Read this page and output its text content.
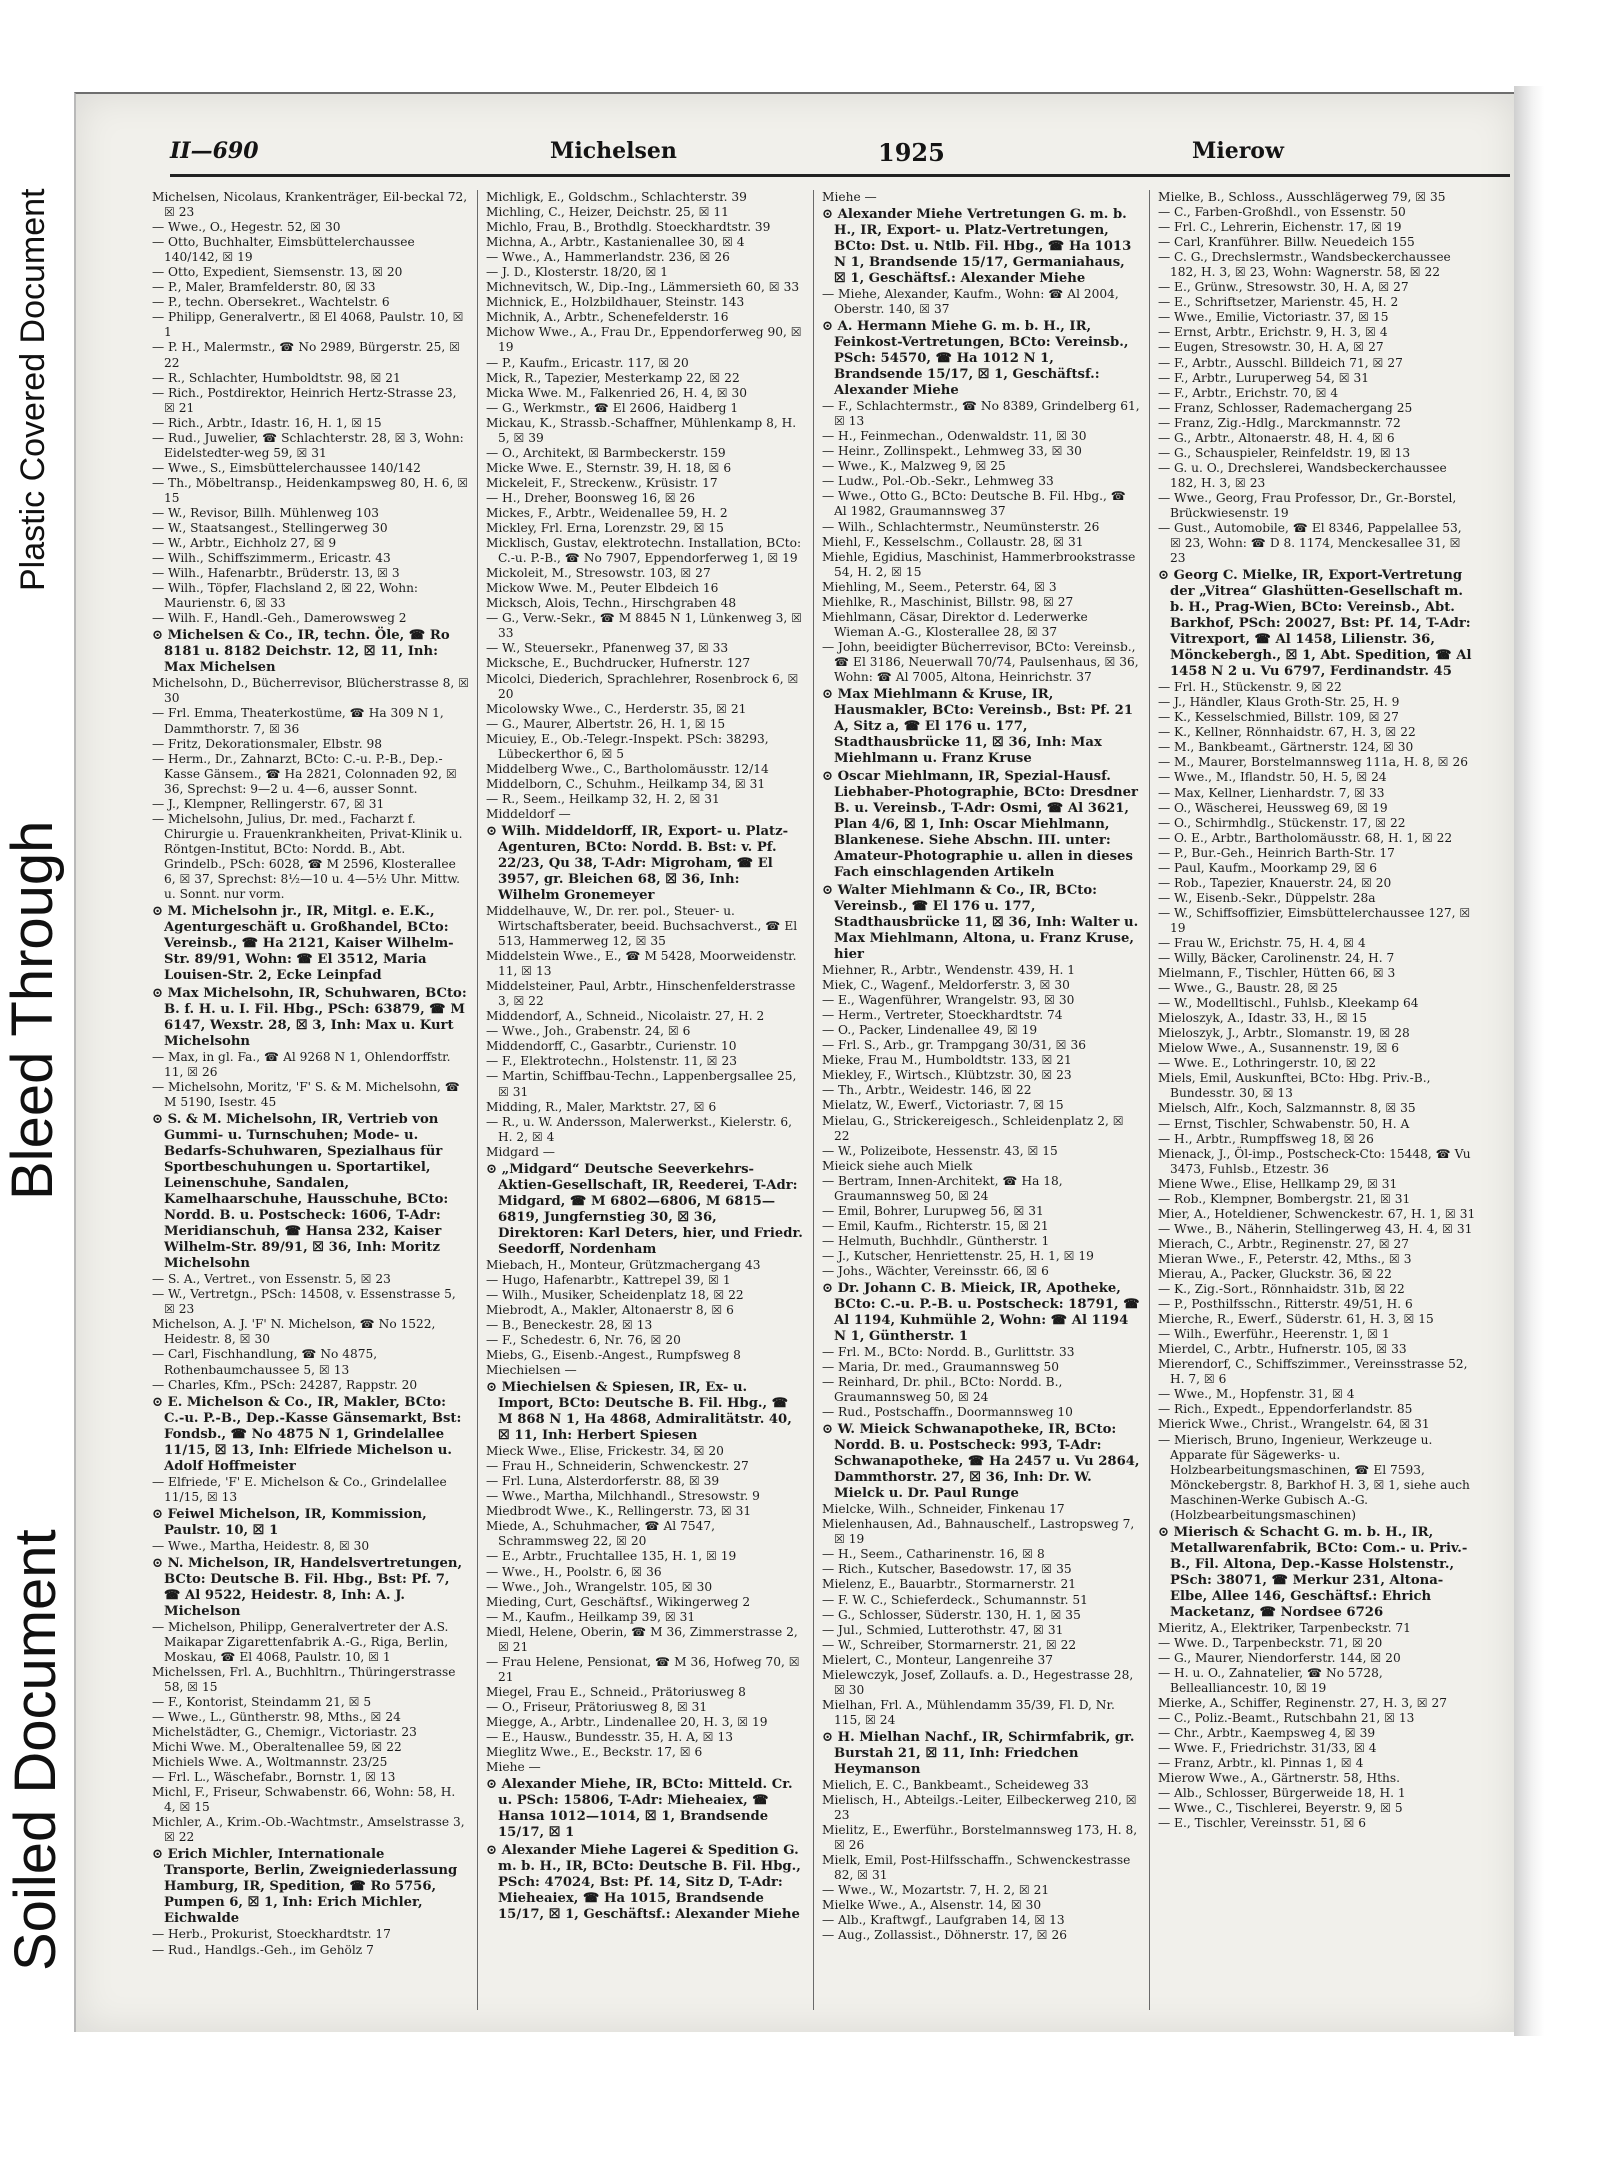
Plastic Covered Document
Bleed Through
Soiled Document
II—690	Michelsen	1925	Mierow

Michelsen, Nicolaus, Krankenträger, Eil-beckal 72, ☒ 23

— Wwe., O., Hegestr. 52, ☒ 30

— Otto, Buchhalter, Eimsbüttelerchaussee 140/142, ☒ 19

— Otto, Expedient, Siemsenstr. 13, ☒ 20

— P., Maler, Bramfelderstr. 80, ☒ 33

— P., techn. Obersekret., Wachtelstr. 6

— Philipp, Generalvertr., ☒ El 4068, Paulstr. 10, ☒ 1

— P. H., Malermstr., ☎ No 2989, Bürgerstr. 25, ☒ 22

— R., Schlachter, Humboldtstr. 98, ☒ 21

— Rich., Postdirektor, Heinrich Hertz-Strasse 23, ☒ 21

— Rich., Arbtr., Idastr. 16, H. 1, ☒ 15

— Rud., Juwelier, ☎ Schlachterstr. 28, ☒ 3, Wohn: Eidelstedter-weg 59, ☒ 31

— Wwe., S., Eimsbüttelerchaussee 140/142

— Th., Möbeltransp., Heidenkampsweg 80, H. 6, ☒ 15

— W., Revisor, Billh. Mühlenweg 103

— W., Staatsangest., Stellingerweg 30

— W., Arbtr., Eichholz 27, ☒ 9

— Wilh., Schiffszimmerm., Ericastr. 43

— Wilh., Hafenarbtr., Brüderstr. 13, ☒ 3

— Wilh., Töpfer, Flachsland 2, ☒ 22, Wohn: Maurienstr. 6, ☒ 33

— Wilh. F., Handl.-Geh., Damerowsweg 2

⊙ Michelsen & Co., IR, techn. Öle, ☎ Ro 8181 u. 8182 Deichstr. 12, ☒ 11, Inh: Max Michelsen

Michelsohn, D., Bücherrevisor, Blücherstrasse 8, ☒ 30

— Frl. Emma, Theaterkostüme, ☎ Ha 309 N 1, Dammthorstr. 7, ☒ 36

— Fritz, Dekorationsmaler, Elbstr. 98

— Herm., Dr., Zahnarzt, BCto: C.-u. P.-B., Dep.-Kasse Gänsem., ☎ Ha 2821, Colonnaden 92, ☒ 36, Sprechst: 9—2 u. 4—6, ausser Sonnt.

— J., Klempner, Rellingerstr. 67, ☒ 31

— Michelsohn, Julius, Dr. med., Facharzt f. Chirurgie u. Frauenkrankheiten, Privat-Klinik u. Röntgen-Institut, BCto: Nordd. B., Abt. Grindelb., PSch: 6028, ☎ M 2596, Klosterallee 6, ☒ 37, Sprechst: 8½—10 u. 4—5½ Uhr. Mittw. u. Sonnt. nur vorm.

⊙ M. Michelsohn jr., IR, Mitgl. e. E.K., Agenturgeschäft u. Großhandel, BCto: Vereinsb., ☎ Ha 2121, Kaiser Wilhelm-Str. 89/91, Wohn: ☎ El 3512, Maria Louisen-Str. 2, Ecke Leinpfad

⊙ Max Michelsohn, IR, Schuhwaren, BCto: B. f. H. u. I. Fil. Hbg., PSch: 63879, ☎ M 6147, Wexstr. 28, ☒ 3, Inh: Max u. Kurt Michelsohn

— Max, in gl. Fa., ☎ Al 9268 N 1, Ohlendorffstr. 11, ☒ 26

— Michelsohn, Moritz, 'F' S. & M. Michelsohn, ☎ M 5190, Isestr. 45

⊙ S. & M. Michelsohn, IR, Vertrieb von Gummi- u. Turnschuhen; Mode- u. Bedarfs-Schuhwaren, Spezialhaus für Sportbeschuhungen u. Sportartikel, Leinenschuhe, Sandalen, Kamelhaarschuhe, Hausschuhe, BCto: Nordd. B. u. Postscheck: 1606, T-Adr: Meridianschuh, ☎ Hansa 232, Kaiser Wilhelm-Str. 89/91, ☒ 36, Inh: Moritz Michelsohn

— S. A., Vertret., von Essenstr. 5, ☒ 23

— W., Vertretgn., PSch: 14508, v. Essenstrasse 5, ☒ 23

Michelson, A. J. 'F' N. Michelson, ☎ No 1522, Heidestr. 8, ☒ 30

— Carl, Fischhandlung, ☎ No 4875, Rothenbaumchaussee 5, ☒ 13

— Charles, Kfm., PSch: 24287, Rappstr. 20

⊙ E. Michelson & Co., IR, Makler, BCto: C.-u. P.-B., Dep.-Kasse Gänsemarkt, Bst: Fondsb., ☎ No 4875 N 1, Grindelallee 11/15, ☒ 13, Inh: Elfriede Michelson u. Adolf Hoffmeister

— Elfriede, 'F' E. Michelson & Co., Grindelallee 11/15, ☒ 13

⊙ Feiwel Michelson, IR, Kommission, Paulstr. 10, ☒ 1

— Wwe., Martha, Heidestr. 8, ☒ 30

⊙ N. Michelson, IR, Handelsvertretungen, BCto: Deutsche B. Fil. Hbg., Bst: Pf. 7, ☎ Al 9522, Heidestr. 8, Inh: A. J. Michelson

— Michelson, Philipp, Generalvertreter der A.S. Maikapar Zigarettenfabrik A.-G., Riga, Berlin, Moskau, ☎ El 4068, Paulstr. 10, ☒ 1

Michelssen, Frl. A., Buchhltrn., Thüringerstrasse 58, ☒ 15

— F., Kontorist, Steindamm 21, ☒ 5

— Wwe., L., Güntherstr. 98, Mths., ☒ 24

Michelstädter, G., Chemigr., Victoriastr. 23

Michi Wwe. M., Oberaltenallee 59, ☒ 22

Michiels Wwe. A., Woltmannstr. 23/25

— Frl. L., Wäschefabr., Bornstr. 1, ☒ 13

Michl, F., Friseur, Schwabenstr. 66, Wohn: 58, H. 4, ☒ 15

Michler, A., Krim.-Ob.-Wachtmstr., Amselstrasse 3, ☒ 22

⊙ Erich Michler, Internationale Transporte, Berlin, Zweigniederlassung Hamburg, IR, Spedition, ☎ Ro 5756, Pumpen 6, ☒ 1, Inh: Erich Michler, Eichwalde

— Herb., Prokurist, Stoeckhardtstr. 17

— Rud., Handlgs.-Geh., im Gehölz 7

Michligk, E., Goldschm., Schlachterstr. 39

Michling, C., Heizer, Deichstr. 25, ☒ 11

Michlo, Frau, B., Brothdlg. Stoeckhardtstr. 39

Michna, A., Arbtr., Kastanienallee 30, ☒ 4

— Wwe., A., Hammerlandstr. 236, ☒ 26

— J. D., Klosterstr. 18/20, ☒ 1

Michnevitsch, W., Dip.-Ing., Lämmersieth 60, ☒ 33

Michnick, E., Holzbildhauer, Steinstr. 143

Michnik, A., Arbtr., Schenefelderstr. 16

Michow Wwe., A., Frau Dr., Eppendorferweg 90, ☒ 19

— P., Kaufm., Ericastr. 117, ☒ 20

Mick, R., Tapezier, Mesterkamp 22, ☒ 22

Micka Wwe. M., Falkenried 26, H. 4, ☒ 30

— G., Werkmstr., ☎ El 2606, Haidberg 1

Mickau, K., Strassb.-Schaffner, Mühlenkamp 8, H. 5, ☒ 39

— O., Architekt, ☒ Barmbeckerstr. 159

Micke Wwe. E., Sternstr. 39, H. 18, ☒ 6

Mickeleit, F., Streckenw., Krüsistr. 17

— H., Dreher, Boonsweg 16, ☒ 26

Mickes, F., Arbtr., Weidenallee 59, H. 2

Mickley, Frl. Erna, Lorenzstr. 29, ☒ 15

Micklisch, Gustav, elektrotechn. Installation, BCto: C.-u. P.-B., ☎ No 7907, Eppendorferweg 1, ☒ 19

Mickoleit, M., Stresowstr. 103, ☒ 27

Mickow Wwe. M., Peuter Elbdeich 16

Micksch, Alois, Techn., Hirschgraben 48

— G., Verw.-Sekr., ☎ M 8845 N 1, Lünkenweg 3, ☒ 33

— W., Steuersekr., Pfanenweg 37, ☒ 33

Micksche, E., Buchdrucker, Hufnerstr. 127

Micolci, Diederich, Sprachlehrer, Rosenbrock 6, ☒ 20

Micolowsky Wwe., C., Herderstr. 35, ☒ 21

— G., Maurer, Albertstr. 26, H. 1, ☒ 15

Micuiey, E., Ob.-Telegr.-Inspekt. PSch: 38293, Lübeckerthor 6, ☒ 5

Middelberg Wwe., C., Bartholomäusstr. 12/14

Middelborn, C., Schuhm., Heilkamp 34, ☒ 31

— R., Seem., Heilkamp 32, H. 2, ☒ 31

Middeldorf —

⊙ Wilh. Middeldorff, IR, Export- u. Platz-Agenturen, BCto: Nordd. B. Bst: v. Pf. 22/23, Qu 38, T-Adr: Migroham, ☎ El 3957, gr. Bleichen 68, ☒ 36, Inh: Wilhelm Gronemeyer

Middelhauve, W., Dr. rer. pol., Steuer- u. Wirtschaftsberater, beeid. Buchsachverst., ☎ El 513, Hammerweg 12, ☒ 35

Middelstein Wwe., E., ☎ M 5428, Moorweidenstr. 11, ☒ 13

Middelsteiner, Paul, Arbtr., Hinschenfelderstrasse 3, ☒ 22

Middendorf, A., Schneid., Nicolaistr. 27, H. 2

— Wwe., Joh., Grabenstr. 24, ☒ 6

Middendorff, C., Gasarbtr., Curienstr. 10

— F., Elektrotechn., Holstenstr. 11, ☒ 23

— Martin, Schiffbau-Techn., Lappenbergsallee 25, ☒ 31

Midding, R., Maler, Marktstr. 27, ☒ 6

— R., u. W. Andersson, Malerwerkst., Kielerstr. 6, H. 2, ☒ 4

Midgard —

⊙ „Midgard“ Deutsche Seeverkehrs-Aktien-Gesellschaft, IR, Reederei, T-Adr: Midgard, ☎ M 6802—6806, M 6815—6819, Jungfernstieg 30, ☒ 36, Direktoren: Karl Deters, hier, und Friedr. Seedorff, Nordenham

Miebach, H., Monteur, Grützmachergang 43

— Hugo, Hafenarbtr., Kattrepel 39, ☒ 1

— Wilh., Musiker, Scheidenplatz 18, ☒ 22

Miebrodt, A., Makler, Altonaerstr 8, ☒ 6

— B., Beneckestr. 28, ☒ 13

— F., Schedestr. 6, Nr. 76, ☒ 20

Miebs, G., Eisenb.-Angest., Rumpfsweg 8

Miechielsen —

⊙ Miechielsen & Spiesen, IR, Ex- u. Import, BCto: Deutsche B. Fil. Hbg., ☎ M 868 N 1, Ha 4868, Admiralitätstr. 40, ☒ 11, Inh: Herbert Spiesen

Mieck Wwe., Elise, Frickestr. 34, ☒ 20

— Frau H., Schneiderin, Schwenckestr. 27

— Frl. Luna, Alsterdorferstr. 88, ☒ 39

— Wwe., Martha, Milchhandl., Stresowstr. 9

Miedbrodt Wwe., K., Rellingerstr. 73, ☒ 31

Miede, A., Schuhmacher, ☎ Al 7547, Schrammsweg 22, ☒ 20

— E., Arbtr., Fruchtallee 135, H. 1, ☒ 19

— Wwe., H., Poolstr. 6, ☒ 36

— Wwe., Joh., Wrangelstr. 105, ☒ 30

Mieding, Curt, Geschäftsf., Wikingerweg 2

— M., Kaufm., Heilkamp 39, ☒ 31

Miedl, Helene, Oberin, ☎ M 36, Zimmerstrasse 2, ☒ 21

— Frau Helene, Pensionat, ☎ M 36, Hofweg 70, ☒ 21

Miegel, Frau E., Schneid., Prätoriusweg 8

— O., Friseur, Prätoriusweg 8, ☒ 31

Miegge, A., Arbtr., Lindenallee 20, H. 3, ☒ 19

— E., Hausw., Bundesstr. 35, H. A, ☒ 13

Mieglitz Wwe., E., Beckstr. 17, ☒ 6

Miehe —

⊙ Alexander Miehe, IR, BCto: Mitteld. Cr. u. PSch: 15806, T-Adr: Mieheaiex, ☎ Hansa 1012—1014, ☒ 1, Brandsende 15/17, ☒ 1

⊙ Alexander Miehe Lagerei & Spedition G. m. b. H., IR, BCto: Deutsche B. Fil. Hbg., PSch: 47024, Bst: Pf. 14, Sitz D, T-Adr: Mieheaiex, ☎ Ha 1015, Brandsende 15/17, ☒ 1, Geschäftsf.: Alexander Miehe

Miehe —

⊙ Alexander Miehe Vertretungen G. m. b. H., IR, Export- u. Platz-Vertretungen, BCto: Dst. u. Ntlb. Fil. Hbg., ☎ Ha 1013 N 1, Brandsende 15/17, Germaniahaus, ☒ 1, Geschäftsf.: Alexander Miehe

— Miehe, Alexander, Kaufm., Wohn: ☎ Al 2004, Oberstr. 140, ☒ 37

⊙ A. Hermann Miehe G. m. b. H., IR, Feinkost-Vertretungen, BCto: Vereinsb., PSch: 54570, ☎ Ha 1012 N 1, Brandsende 15/17, ☒ 1, Geschäftsf.: Alexander Miehe

— F., Schlachtermstr., ☎ No 8389, Grindelberg 61, ☒ 13

— H., Feinmechan., Odenwaldstr. 11, ☒ 30

— Heinr., Zollinspekt., Lehmweg 33, ☒ 30

— Wwe., K., Malzweg 9, ☒ 25

— Ludw., Pol.-Ob.-Sekr., Lehmweg 33

— Wwe., Otto G., BCto: Deutsche B. Fil. Hbg., ☎ Al 1982, Graumannsweg 37

— Wilh., Schlachtermstr., Neumünsterstr. 26

Miehl, F., Kesselschm., Collaustr. 28, ☒ 31

Miehle, Egidius, Maschinist, Hammerbrookstrasse 54, H. 2, ☒ 15

Miehling, M., Seem., Peterstr. 64, ☒ 3

Miehlke, R., Maschinist, Billstr. 98, ☒ 27

Miehlmann, Cäsar, Direktor d. Lederwerke Wieman A.-G., Klosterallee 28, ☒ 37

— John, beeidigter Bücherrevisor, BCto: Vereinsb., ☎ El 3186, Neuerwall 70/74, Paulsenhaus, ☒ 36, Wohn: ☎ Al 7005, Altona, Heinrichstr. 37

⊙ Max Miehlmann & Kruse, IR, Hausmakler, BCto: Vereinsb., Bst: Pf. 21 A, Sitz a, ☎ El 176 u. 177, Stadthausbrücke 11, ☒ 36, Inh: Max Miehlmann u. Franz Kruse

⊙ Oscar Miehlmann, IR, Spezial-Hausf. Liebhaber-Photographie, BCto: Dresdner B. u. Vereinsb., T-Adr: Osmi, ☎ Al 3621, Plan 4/6, ☒ 1, Inh: Oscar Miehlmann, Blankenese. Siehe Abschn. III. unter: Amateur-Photographie u. allen in dieses Fach einschlagenden Artikeln

⊙ Walter Miehlmann & Co., IR, BCto: Vereinsb., ☎ El 176 u. 177, Stadthausbrücke 11, ☒ 36, Inh: Walter u. Max Miehlmann, Altona, u. Franz Kruse, hier

Miehner, R., Arbtr., Wendenstr. 439, H. 1

Miek, C., Wagenf., Meldorferstr. 3, ☒ 30

— E., Wagenführer, Wrangelstr. 93, ☒ 30

— Herm., Vertreter, Stoeckhardtstr. 74

— O., Packer, Lindenallee 49, ☒ 19

— Frl. S., Arb., gr. Trampgang 30/31, ☒ 36

Mieke, Frau M., Humboldtstr. 133, ☒ 21

Miekley, F., Wirtsch., Klübtzstr. 30, ☒ 23

— Th., Arbtr., Weidestr. 146, ☒ 22

Mielatz, W., Ewerf., Victoriastr. 7, ☒ 15

Mielau, G., Strickereigesch., Schleidenplatz 2, ☒ 22

— W., Polizeibote, Hessenstr. 43, ☒ 15

Mieick siehe auch Mielk

— Bertram, Innen-Architekt, ☎ Ha 18, Graumannsweg 50, ☒ 24

— Emil, Bohrer, Lurupweg 56, ☒ 31

— Emil, Kaufm., Richterstr. 15, ☒ 21

— Helmuth, Buchhdlr., Güntherstr. 1

— J., Kutscher, Henriettenstr. 25, H. 1, ☒ 19

— Johs., Wächter, Vereinsstr. 66, ☒ 6

⊙ Dr. Johann C. B. Mieick, IR, Apotheke, BCto: C.-u. P.-B. u. Postscheck: 18791, ☎ Al 1194, Kuhmühle 2, Wohn: ☎ Al 1194 N 1, Güntherstr. 1

— Frl. M., BCto: Nordd. B., Gurlittstr. 33

— Maria, Dr. med., Graumannsweg 50

— Reinhard, Dr. phil., BCto: Nordd. B., Graumannsweg 50, ☒ 24

— Rud., Postschaffn., Doormannsweg 10

⊙ W. Mieick Schwanapotheke, IR, BCto: Nordd. B. u. Postscheck: 993, T-Adr: Schwanapotheke, ☎ Ha 2457 u. Vu 2864, Dammthorstr. 27, ☒ 36, Inh: Dr. W. Mielck u. Dr. Paul Runge

Mielcke, Wilh., Schneider, Finkenau 17

Mielenhausen, Ad., Bahnauschelf., Lastropsweg 7, ☒ 19

— H., Seem., Catharinenstr. 16, ☒ 8

— Rich., Kutscher, Basedowstr. 17, ☒ 35

Mielenz, E., Bauarbtr., Stormarnerstr. 21

— F. W. C., Schieferdeck., Schumannstr. 51

— G., Schlosser, Süderstr. 130, H. 1, ☒ 35

— Jul., Schmied, Lutterothstr. 47, ☒ 31

— W., Schreiber, Stormarnerstr. 21, ☒ 22

Mielert, C., Monteur, Langenreihe 37

Mielewczyk, Josef, Zollaufs. a. D., Hegestrasse 28, ☒ 30

Mielhan, Frl. A., Mühlendamm 35/39, Fl. D, Nr. 115, ☒ 24

⊙ H. Mielhan Nachf., IR, Schirmfabrik, gr. Burstah 21, ☒ 11, Inh: Friedchen Heymanson

Mielich, E. C., Bankbeamt., Scheideweg 33

Mielisch, H., Abteilgs.-Leiter, Eilbeckerweg 210, ☒ 23

Mielitz, E., Ewerführ., Borstelmannsweg 173, H. 8, ☒ 26

Mielk, Emil, Post-Hilfsschaffn., Schwenckestrasse 82, ☒ 31

— Wwe., W., Mozartstr. 7, H. 2, ☒ 21

Mielke Wwe., A., Alsenstr. 14, ☒ 30

— Alb., Kraftwgf., Laufgraben 14, ☒ 13

— Aug., Zollassist., Döhnerstr. 17, ☒ 26

Mielke, B., Schloss., Ausschlägerweg 79, ☒ 35

— C., Farben-Großhdl., von Essenstr. 50

— Frl. C., Lehrerin, Eichenstr. 17, ☒ 19

— Carl, Kranführer. Billw. Neuedeich 155

— C. G., Drechslermstr., Wandsbeckerchaussee 182, H. 3, ☒ 23, Wohn: Wagnerstr. 58, ☒ 22

— E., Grünw., Stresowstr. 30, H. A, ☒ 27

— E., Schriftsetzer, Marienstr. 45, H. 2

— Wwe., Emilie, Victoriastr. 37, ☒ 15

— Ernst, Arbtr., Erichstr. 9, H. 3, ☒ 4

— Eugen, Stresowstr. 30, H. A, ☒ 27

— F., Arbtr., Ausschl. Billdeich 71, ☒ 27

— F., Arbtr., Luruperweg 54, ☒ 31

— F., Arbtr., Erichstr. 70, ☒ 4

— Franz, Schlosser, Rademachergang 25

— Franz, Zig.-Hdlg., Marckmannstr. 72

— G., Arbtr., Altonaerstr. 48, H. 4, ☒ 6

— G., Schauspieler, Reinfeldstr. 19, ☒ 13

— G. u. O., Drechslerei, Wandsbeckerchaussee 182, H. 3, ☒ 23

— Wwe., Georg, Frau Professor, Dr., Gr.-Borstel, Brückwiesenstr. 19

— Gust., Automobile, ☎ El 8346, Pappelallee 53, ☒ 23, Wohn: ☎ D 8. 1174, Menckesallee 31, ☒ 23

⊙ Georg C. Mielke, IR, Export-Vertretung der „Vitrea“ Glashütten-Gesellschaft m. b. H., Prag-Wien, BCto: Vereinsb., Abt. Barkhof, PSch: 20027, Bst: Pf. 14, T-Adr: Vitrexport, ☎ Al 1458, Lilienstr. 36, Mönckebergh., ☒ 1, Abt. Spedition, ☎ Al 1458 N 2 u. Vu 6797, Ferdinandstr. 45

— Frl. H., Stückenstr. 9, ☒ 22

— J., Händler, Klaus Groth-Str. 25, H. 9

— K., Kesselschmied, Billstr. 109, ☒ 27

— K., Kellner, Rönnhaidstr. 67, H. 3, ☒ 22

— M., Bankbeamt., Gärtnerstr. 124, ☒ 30

— M., Maurer, Borstelmannsweg 111a, H. 8, ☒ 26

— Wwe., M., Iflandstr. 50, H. 5, ☒ 24

— Max, Kellner, Lienhardstr. 7, ☒ 33

— O., Wäscherei, Heussweg 69, ☒ 19

— O., Schirmhdlg., Stückenstr. 17, ☒ 22

— O. E., Arbtr., Bartholomäusstr. 68, H. 1, ☒ 22

— P., Bur.-Geh., Heinrich Barth-Str. 17

— Paul, Kaufm., Moorkamp 29, ☒ 6

— Rob., Tapezier, Knauerstr. 24, ☒ 20

— W., Eisenb.-Sekr., Düppelstr. 28a

— W., Schiffsoffizier, Eimsbüttelerchaussee 127, ☒ 19

— Frau W., Erichstr. 75, H. 4, ☒ 4

— Willy, Bäcker, Carolinenstr. 24, H. 7

Mielmann, F., Tischler, Hütten 66, ☒ 3

— Wwe., G., Baustr. 28, ☒ 25

— W., Modelltischl., Fuhlsb., Kleekamp 64

Mieloszyk, A., Idastr. 33, H., ☒ 15

Mieloszyk, J., Arbtr., Slomanstr. 19, ☒ 28

Mielow Wwe., A., Susannenstr. 19, ☒ 6

— Wwe. E., Lothringerstr. 10, ☒ 22

Miels, Emil, Auskunftei, BCto: Hbg. Priv.-B., Bundesstr. 30, ☒ 13

Mielsch, Alfr., Koch, Salzmannstr. 8, ☒ 35

— Ernst, Tischler, Schwabenstr. 50, H. A

— H., Arbtr., Rumpffsweg 18, ☒ 26

Mienack, J., Öl-imp., Postscheck-Cto: 15448, ☎ Vu 3473, Fuhlsb., Etzestr. 36

Miene Wwe., Elise, Hellkamp 29, ☒ 31

— Rob., Klempner, Bombergstr. 21, ☒ 31

Mier, A., Hoteldiener, Schwenckestr. 67, H. 1, ☒ 31

— Wwe., B., Näherin, Stellingerweg 43, H. 4, ☒ 31

Mierach, C., Arbtr., Reginenstr. 27, ☒ 27

Mieran Wwe., F., Peterstr. 42, Mths., ☒ 3

Mierau, A., Packer, Gluckstr. 36, ☒ 22

— K., Zig.-Sort., Rönnhaidstr. 31b, ☒ 22

— P., Posthilfsschn., Ritterstr. 49/51, H. 6

Mierche, R., Ewerf., Süderstr. 61, H. 3, ☒ 15

— Wilh., Ewerführ., Heerenstr. 1, ☒ 1

Mierdel, C., Arbtr., Hufnerstr. 105, ☒ 33

Mierendorf, C., Schiffszimmer., Vereinsstrasse 52, H. 7, ☒ 6

— Wwe., M., Hopfenstr. 31, ☒ 4

— Rich., Expedt., Eppendorferlandstr. 85

Mierick Wwe., Christ., Wrangelstr. 64, ☒ 31

— Mierisch, Bruno, Ingenieur, Werkzeuge u. Apparate für Sägewerks- u. Holzbearbeitungsmaschinen, ☎ El 7593, Mönckebergstr. 8, Barkhof H. 3, ☒ 1, siehe auch Maschinen-Werke Gubisch A.-G. (Holzbearbeitungsmaschinen)

⊙ Mierisch & Schacht G. m. b. H., IR, Metallwarenfabrik, BCto: Com.- u. Priv.-B., Fil. Altona, Dep.-Kasse Holstenstr., PSch: 38071, ☎ Merkur 231, Altona-Elbe, Allee 146, Geschäftsf.: Ehrich Macketanz, ☎ Nordsee 6726

Mieritz, A., Elektriker, Tarpenbeckstr. 71

— Wwe. D., Tarpenbeckstr. 71, ☒ 20

— G., Maurer, Niendorferstr. 144, ☒ 20

— H. u. O., Zahnatelier, ☎ No 5728, Bellealliancestr. 10, ☒ 19

Mierke, A., Schiffer, Reginenstr. 27, H. 3, ☒ 27

— C., Poliz.-Beamt., Rutschbahn 21, ☒ 13

— Chr., Arbtr., Kaempsweg 4, ☒ 39

— Wwe. F., Friedrichstr. 31/33, ☒ 4

— Franz, Arbtr., kl. Pinnas 1, ☒ 4

Mierow Wwe., A., Gärtnerstr. 58, Hths.

— Alb., Schlosser, Bürgerweide 18, H. 1

— Wwe., C., Tischlerei, Beyerstr. 9, ☒ 5

— E., Tischler, Vereinsstr. 51, ☒ 6
